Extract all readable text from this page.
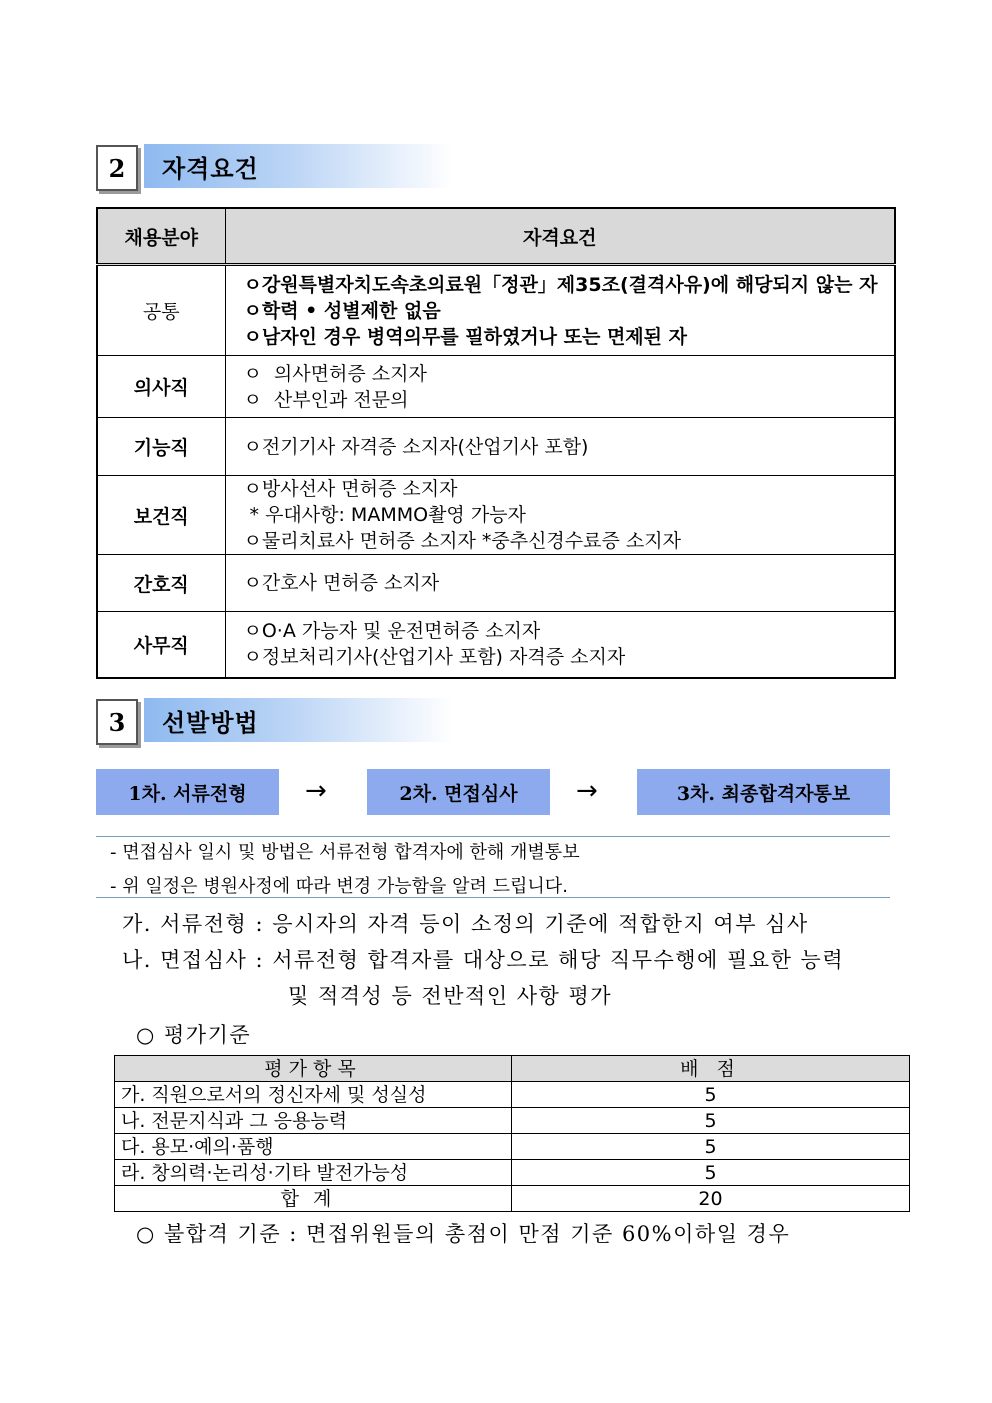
2	자격요건
채용분야	자격요건
공통	ㅇ강원특별자치도속초의료원「정관」제35조(결격사유)에 해당되지 않는 자
ㅇ학력 • 성별제한 없음
ㅇ남자인 경우 병역의무를 필하였거나 또는 면제된 자

의사직	ㅇ  의사면허증 소지자
ㅇ  산부인과 전문의

기능직	ㅇ전기기사 자격증 소지자(산업기사 포함)

보건직	ㅇ방사선사 면허증 소지자
* 우대사항: MAMMO촬영 가능자
ㅇ물리치료사 면허증 소지자 *중추신경수료증 소지자

간호직	ㅇ간호사 면허증 소지자

사무직	ㅇO·A 가능자 및 운전면허증 소지자
ㅇ정보처리기사(산업기사 포함) 자격증 소지자
3	선발방법
1차. 서류전형	→	2차. 면접심사	→	3차. 최종합격자통보
- 면접심사 일시 및 방법은 서류전형 합격자에 한해 개별통보
- 위 일정은 병원사정에 따라 변경 가능함을 알려 드립니다.
가. 서류전형 : 응시자의 자격 등이 소정의 기준에 적합한지 여부 심사
나. 면접심사 : 서류전형 합격자를 대상으로 해당 직무수행에 필요한 능력
및 적격성 등 전반적인 사항 평가
○ 평가기준
평가항목	배 점
가. 직원으로서의 정신자세 및 성실성	5
나. 전문지식과 그 응용능력	5
다. 용모·예의·품행	5
라. 창의력·논리성·기타 발전가능성	5
합계	20
○ 불합격 기준 : 면접위원들의 총점이 만점 기준 60%이하일 경우
